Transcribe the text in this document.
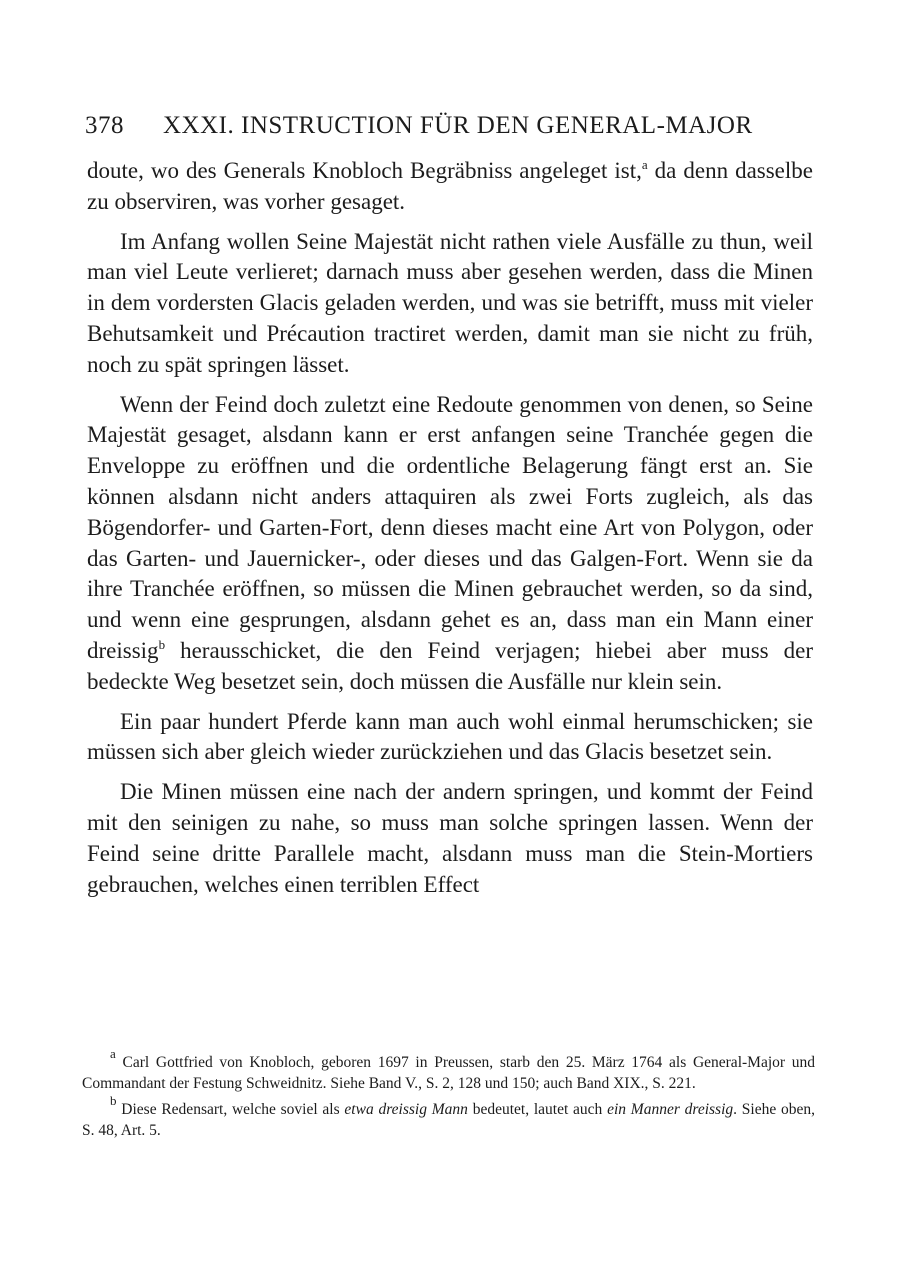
378 XXXI. INSTRUCTION FÜR DEN GENERAL-MAJOR

doute, wo des Generals Knobloch Begräbniss angeleget ist,$^a$ da denn dasselbe zu observiren, was vorher gesaget.

Im Anfang wollen Seine Majestät nicht rathen viele Ausfälle zu thun, weil man viel Leute verlieret; darnach muss aber gesehen werden, dass die Minen in dem vordersten Glacis geladen werden, und was sie betrifft, muss mit vieler Behutsamkeit und Précaution tractiret werden, damit man sie nicht zu früh, noch zu spät springen lässet.

Wenn der Feind doch zuletzt eine Redoute genommen von denen, so Seine Majestät gesaget, alsdann kann er erst anfangen seine Tranchée gegen die Enveloppe zu eröffnen und die ordentliche Belagerung fängt erst an. Sie können alsdann nicht anders attaquiren als zwei Forts zugleich, als das Bögendorfer- und Garten-Fort, denn dieses macht eine Art von Polygon, oder das Garten- und Jauernicker-, oder dieses und das Galgen-Fort. Wenn sie da ihre Tranchée eröffnen, so müssen die Minen gebrauchet werden, so da sind, und wenn eine gesprungen, alsdann gehet es an, dass man ein Mann einer dreissig$^b$ herausschicket, die den Feind verjagen; hiebei aber muss der bedeckte Weg besetzet sein, doch müssen die Ausfälle nur klein sein.

Ein paar hundert Pferde kann man auch wohl einmal herumschicken; sie müssen sich aber gleich wieder zurückziehen und das Glacis besetzet sein.

Die Minen müssen eine nach der andern springen, und kommt der Feind mit den seinigen zu nahe, so muss man solche springen lassen. Wenn der Feind seine dritte Parallele macht, alsdann muss man die Stein-Mortiers gebrauchen, welches einen terriblen Effect

$^a$ Carl Gottfried von Knobloch, geboren 1697 in Preussen, starb den 25. März 1764 als General-Major und Commandant der Festung Schweidnitz. Siehe Band V., S. 2, 128 und 150; auch Band XIX., S. 221.
$^b$ Diese Redensart, welche soviel als etwa dreissig Mann bedeutet, lautet auch ein Manner dreissig. Siehe oben, S. 48, Art. 5.
